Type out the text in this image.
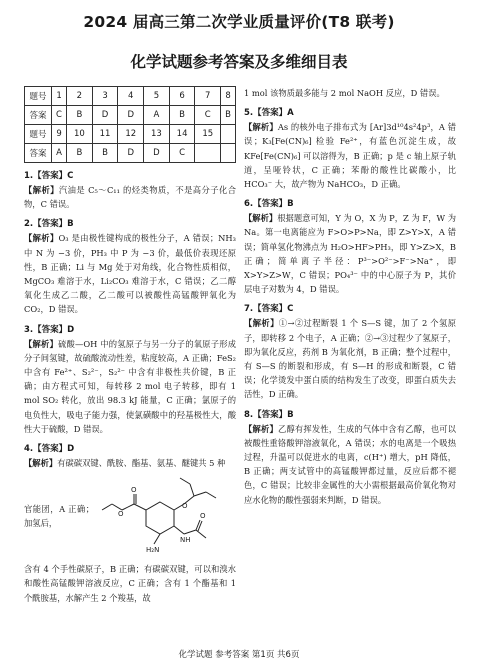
2024 届高三第二次学业质量评价(T8 联考)
化学试题参考答案及多维细目表
题号	1	2	3	4	5	6	7	8
答案	C	B	D	D	A	B	C	B
题号	9	10	11	12	13	14	15	
答案	A	B	B	D	D	C		
1.【答案】C

【解析】汽油是 C₅～C₁₁ 的烃类物质，不是高分子化合物，C 错误。

2.【答案】B

【解析】O₃ 是由极性键构成的极性分子，A 错误；NH₃ 中 N 为 −3 价，PH₃ 中 P 为 −3 价，最低价表现还原性，B 正确；Li 与 Mg 处于对角线，化合物性质相似，MgCO₃ 难溶于水，Li₂CO₃ 难溶于水，C 错误；乙二醇氧化生成乙二酸，乙二酸可以被酸性高锰酸钾氧化为 CO₂，D 错误。

3.【答案】D

【解析】硫酸—OH 中的氢原子与另一分子的氧原子形成分子间氢键，故硫酸流动性差，粘度较高，A 正确；FeS₂ 中含有 Fe²⁺、S₂²⁻，S₂²⁻ 中含有非极性共价键，B 正确；由方程式可知，每转移 2 mol 电子转移，即有 1 mol SO₂ 转化，放出 98.3 kJ 能量，C 正确；氯原子的电负性大，吸电子能力强，使氯磺酸中的羟基极性大，酸性大于硫酸，D 错误。

4.【答案】D

【解析】有碳碳双键、酰胺、酯基、氨基、醚键共 5 种

官能团，A 正确；加氢后，

O
O
O
NH
O
H₂N

含有 4 个手性碳原子，B 正确；有碳碳双键，可以和溴水和酸性高锰酸钾溶液反应，C 正确；含有 1 个酯基和 1 个酰胺基，水解产生 2 个羧基，故

1 mol 该物质最多能与 2 mol NaOH 反应，D 错误。

5.【答案】A

【解析】As 的核外电子排布式为 [Ar]3d¹⁰4s²4p³，A 错误；K₃[Fe(CN)₆] 检验 Fe²⁺，有蓝色沉淀生成，故 KFe[Fe(CN)₆] 可以溶得为，B 正确；p 是 c 轴上原子轨道，呈哑铃状，C 正确；苯酚的酸性比碳酸小，比 HCO₃⁻ 大，故产物为 NaHCO₃，D 正确。

6.【答案】B

【解析】根据题意可知，Y 为 O，X 为 P，Z 为 F，W 为 Na。第一电离能应为 F>O>P>Na，即 Z>Y>X，A 错误；简单氢化物沸点为 H₂O>HF>PH₃，即 Y>Z>X，B 正确；简单离子半径：P³⁻>O²⁻>F⁻>Na⁺，即 X>Y>Z>W，C 错误；PO₄³⁻ 中的中心原子为 P，其价层电子对数为 4，D 错误。

7.【答案】C

【解析】①→②过程断裂 1 个 S—S 键，加了 2 个氢原子，即转移 2 个电子，A 正确；②→③过程少了氢原子，即为氧化反应，药剂 B 为氧化剂，B 正确；整个过程中，有 S—S 的断裂和形成，有 S—H 的形成和断裂，C 错误；化学烫发中蛋白质的结构发生了改变，即蛋白质失去活性，D 正确。

8.【答案】B

【解析】乙醇有挥发性，生成的气体中含有乙醇，也可以被酸性重铬酸钾溶液氧化，A 错误；水的电离是一个吸热过程，升温可以促进水的电离，c(H⁺) 增大，pH 降低，B 正确；两支试管中的高锰酸钾都过量，反应后都不褪色，C 错误；比较非金属性的大小需根据最高价氧化物对应水化物的酸性强弱来判断，D 错误。

化学试题 参考答案 第1页 共6页
